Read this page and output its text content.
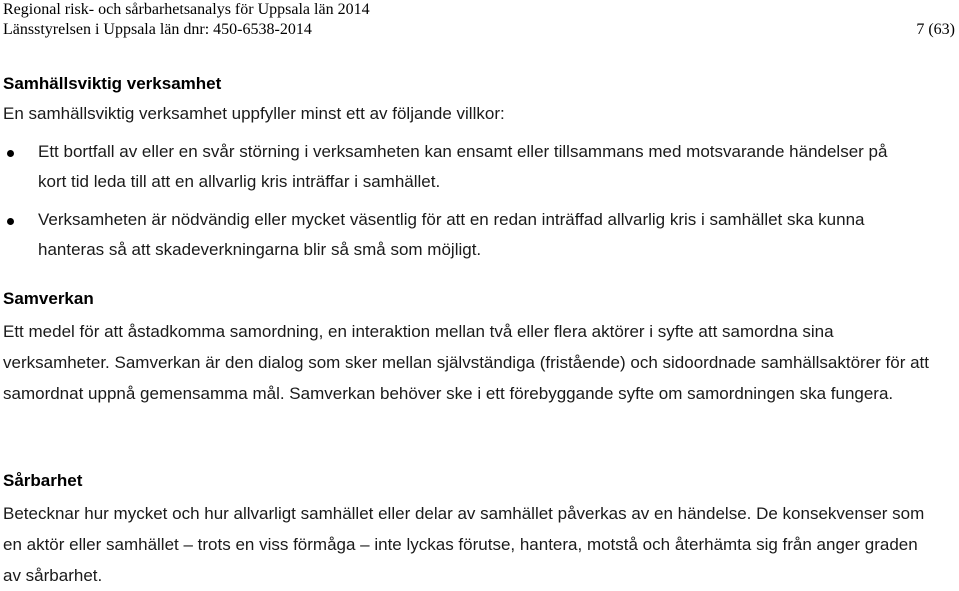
Regional risk- och sårbarhetsanalys för Uppsala län 2014
Länsstyrelsen i Uppsala län dnr: 450-6538-2014	7 (63)
Samhällsviktig verksamhet
En samhällsviktig verksamhet uppfyller minst ett av följande villkor:
Ett bortfall av eller en svår störning i verksamheten kan ensamt eller tillsammans med motsvarande händelser på kort tid leda till att en allvarlig kris inträffar i samhället.
Verksamheten är nödvändig eller mycket väsentlig för att en redan inträffad allvarlig kris i samhället ska kunna hanteras så att skadeverkningarna blir så små som möjligt.
Samverkan
Ett medel för att åstadkomma samordning, en interaktion mellan två eller flera aktörer i syfte att samordna sina verksamheter. Samverkan är den dialog som sker mellan självständiga (fristående) och sidoordnade samhällsaktörer för att samordnat uppnå gemensamma mål. Samverkan behöver ske i ett förebyggande syfte om samordningen ska fungera.
Sårbarhet
Betecknar hur mycket och hur allvarligt samhället eller delar av samhället påverkas av en händelse. De konsekvenser som en aktör eller samhället – trots en viss förmåga – inte lyckas förutse, hantera, motstå och återhämta sig från anger graden av sårbarhet.
